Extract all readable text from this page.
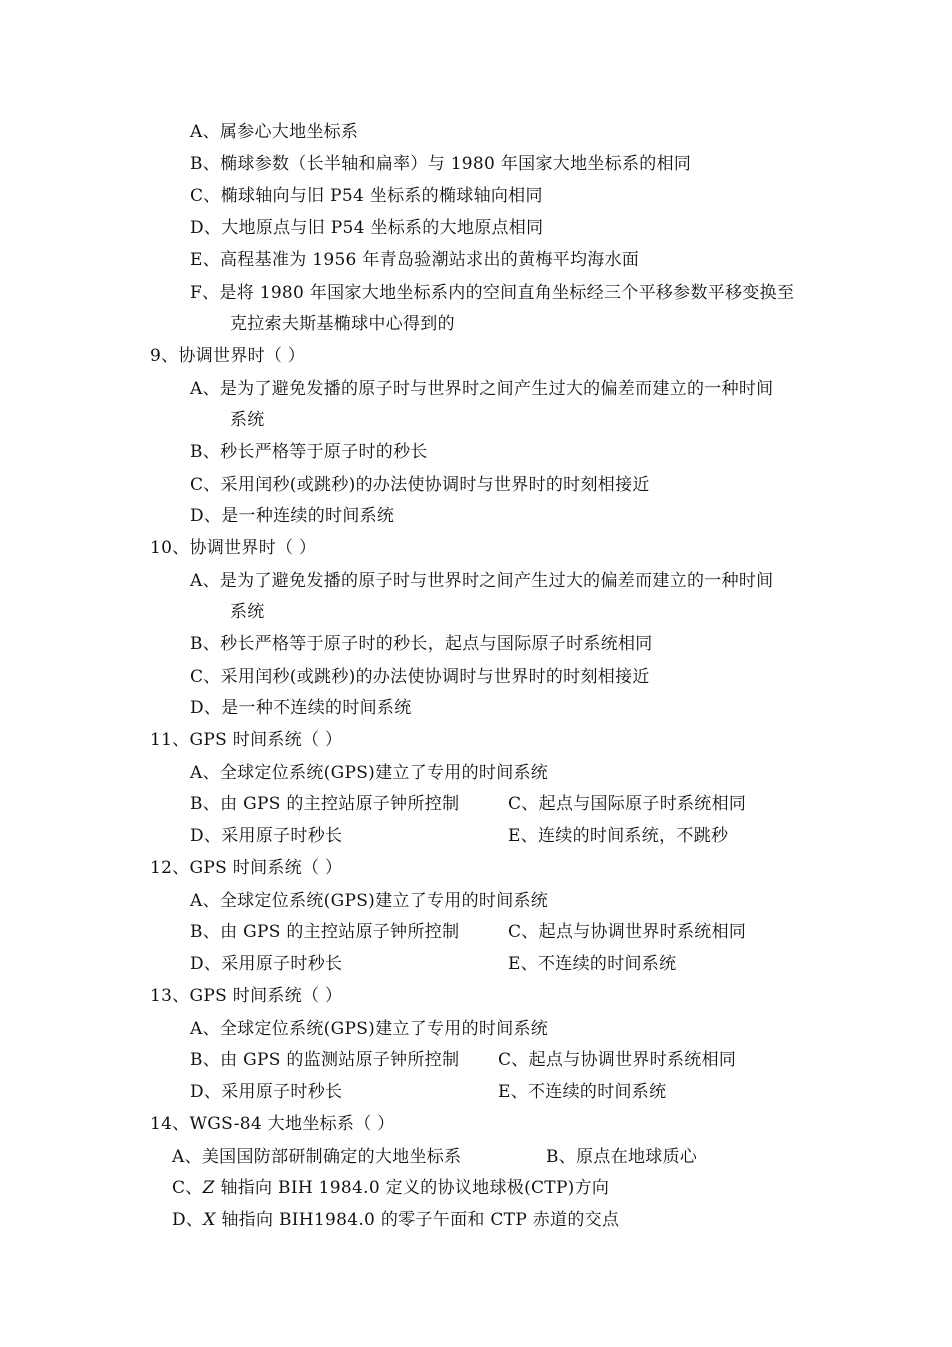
A、属参心大地坐标系
B、椭球参数（长半轴和扁率）与 1980 年国家大地坐标系的相同
C、椭球轴向与旧 P54 坐标系的椭球轴向相同
D、大地原点与旧 P54 坐标系的大地原点相同
E、高程基准为 1956 年青岛验潮站求出的黄梅平均海水面
F、是将 1980 年国家大地坐标系内的空间直角坐标经三个平移参数平移变换至
克拉索夫斯基椭球中心得到的
9、协调世界时（ ）
A、是为了避免发播的原子时与世界时之间产生过大的偏差而建立的一种时间
系统
B、秒长严格等于原子时的秒长
C、采用闰秒(或跳秒)的办法使协调时与世界时的时刻相接近
D、是一种连续的时间系统
10、协调世界时（ ）
A、是为了避免发播的原子时与世界时之间产生过大的偏差而建立的一种时间
系统
B、秒长严格等于原子时的秒长，起点与国际原子时系统相同
C、采用闰秒(或跳秒)的办法使协调时与世界时的时刻相接近
D、是一种不连续的时间系统
11、GPS 时间系统（ ）
A、全球定位系统(GPS)建立了专用的时间系统
B、由 GPS 的主控站原子钟所控制	C、起点与国际原子时系统相同
D、采用原子时秒长	E、连续的时间系统，不跳秒
12、GPS 时间系统（ ）
A、全球定位系统(GPS)建立了专用的时间系统
B、由 GPS 的主控站原子钟所控制	C、起点与协调世界时系统相同
D、采用原子时秒长	E、不连续的时间系统
13、GPS 时间系统（ ）
A、全球定位系统(GPS)建立了专用的时间系统
B、由 GPS 的监测站原子钟所控制 C、起点与协调世界时系统相同
D、采用原子时秒长	E、不连续的时间系统
14、WGS-84 大地坐标系（ ）
A、美国国防部研制确定的大地坐标系	B、原点在地球质心
C、Z 轴指向 BIH 1984.0 定义的协议地球极(CTP)方向
D、X 轴指向 BIH1984.0 的零子午面和 CTP 赤道的交点
